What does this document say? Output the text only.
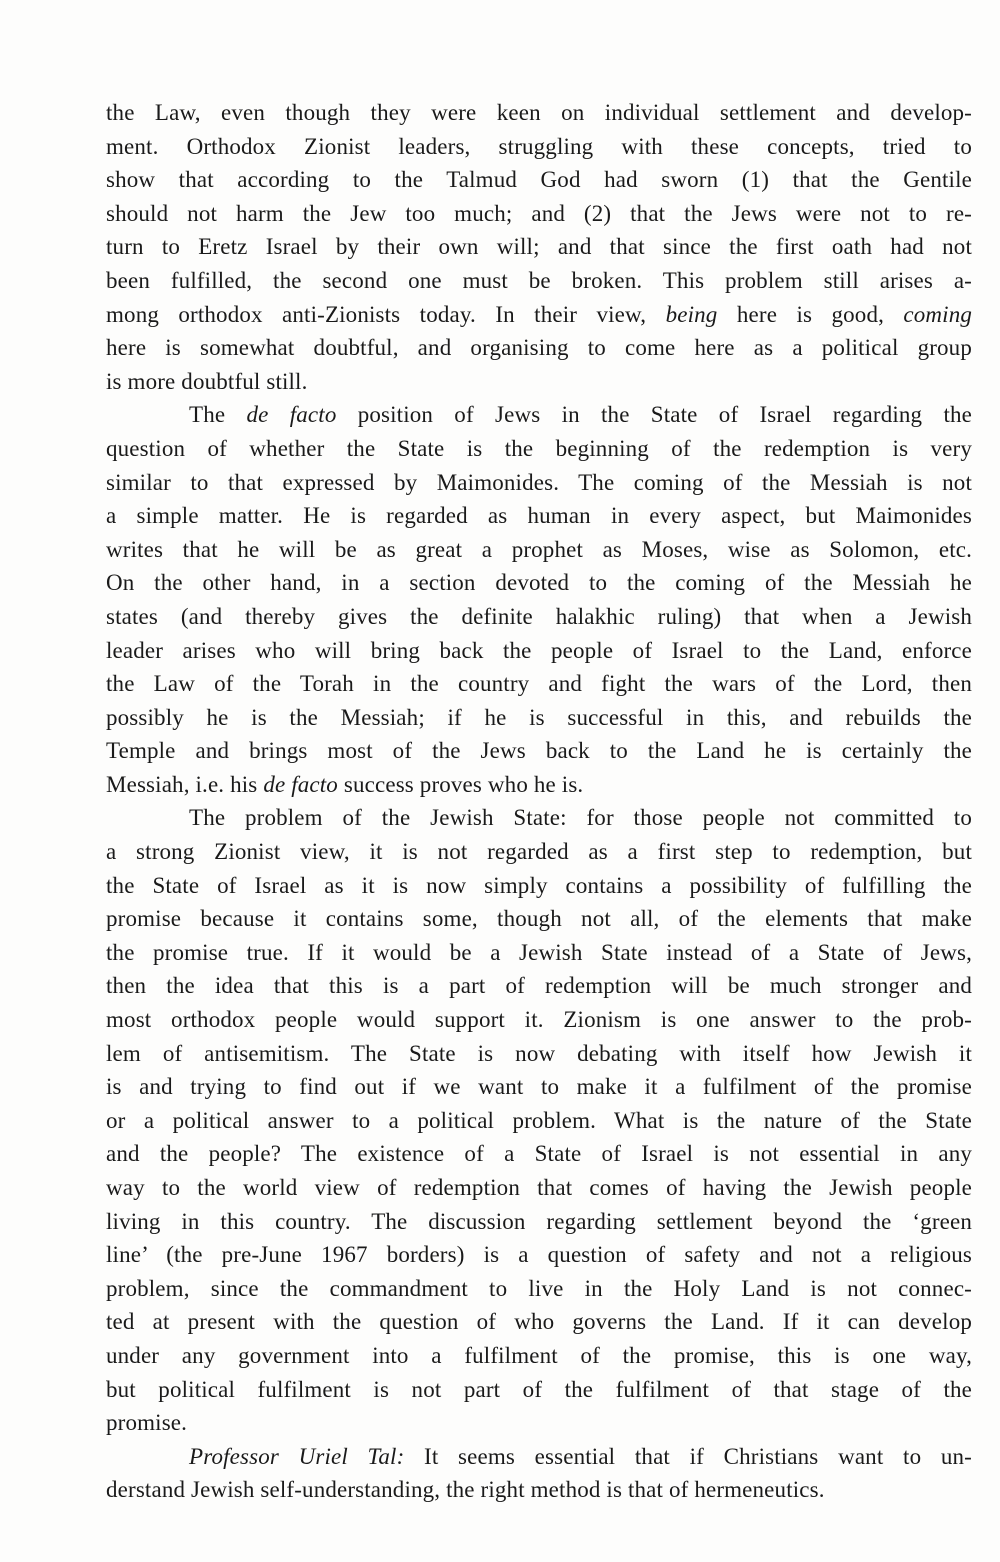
the Law, even though they were keen on individual settlement and develop-
ment. Orthodox Zionist leaders, struggling with these concepts, tried to
show that according to the Talmud God had sworn (1) that the Gentile
should not harm the Jew too much; and (2) that the Jews were not to re-
turn to Eretz Israel by their own will; and that since the first oath had not
been fulfilled, the second one must be broken. This problem still arises a-
mong orthodox anti-Zionists today. In their view, being here is good, coming
here is somewhat doubtful, and organising to come here as a political group
is more doubtful still.
The de facto position of Jews in the State of Israel regarding the
question of whether the State is the beginning of the redemption is very
similar to that expressed by Maimonides. The coming of the Messiah is not
a simple matter. He is regarded as human in every aspect, but Maimonides
writes that he will be as great a prophet as Moses, wise as Solomon, etc.
On the other hand, in a section devoted to the coming of the Messiah he
states (and thereby gives the definite halakhic ruling) that when a Jewish
leader arises who will bring back the people of Israel to the Land, enforce
the Law of the Torah in the country and fight the wars of the Lord, then
possibly he is the Messiah; if he is successful in this, and rebuilds the
Temple and brings most of the Jews back to the Land he is certainly the
Messiah, i.e. his de facto success proves who he is.
The problem of the Jewish State: for those people not committed to
a strong Zionist view, it is not regarded as a first step to redemption, but
the State of Israel as it is now simply contains a possibility of fulfilling the
promise because it contains some, though not all, of the elements that make
the promise true. If it would be a Jewish State instead of a State of Jews,
then the idea that this is a part of redemption will be much stronger and
most orthodox people would support it. Zionism is one answer to the prob-
lem of antisemitism. The State is now debating with itself how Jewish it
is and trying to find out if we want to make it a fulfilment of the promise
or a political answer to a political problem. What is the nature of the State
and the people? The existence of a State of Israel is not essential in any
way to the world view of redemption that comes of having the Jewish people
living in this country. The discussion regarding settlement beyond the ‘green
line’ (the pre-June 1967 borders) is a question of safety and not a religious
problem, since the commandment to live in the Holy Land is not connec-
ted at present with the question of who governs the Land. If it can develop
under any government into a fulfilment of the promise, this is one way,
but political fulfilment is not part of the fulfilment of that stage of the
promise.
Professor Uriel Tal: It seems essential that if Christians want to un-
derstand Jewish self-understanding, the right method is that of hermeneutics.
